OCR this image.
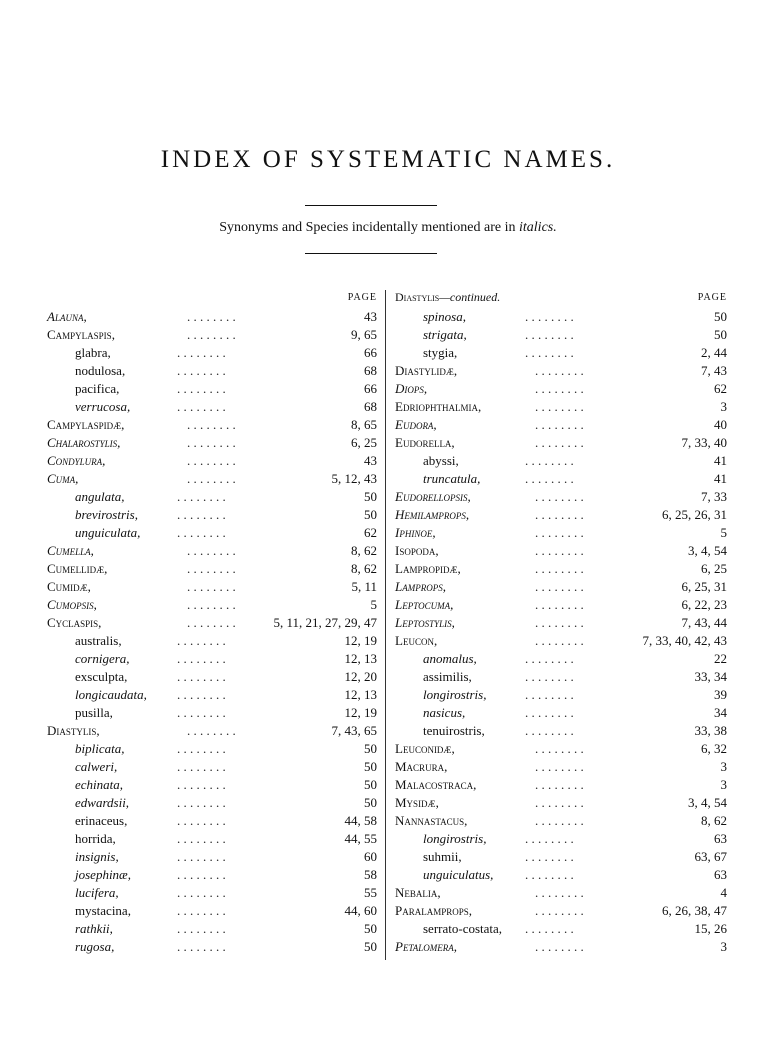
INDEX OF SYSTEMATIC NAMES.
Synonyms and Species incidentally mentioned are in italics.
PAGE
Alauna,	. . . . . . . .	43
Campylaspis,	. . . . . . . .	9, 65
glabra,	. . . . . . . .	66
nodulosa,	. . . . . . . .	68
pacifica,	. . . . . . . .	66
verrucosa,	. . . . . . . .	68
Campylaspidæ,	. . . . . . . .	8, 65
Chalarostylis,	. . . . . . . .	6, 25
Condylura,	. . . . . . . .	43
Cuma,	. . . . . . . .	5, 12, 43
angulata,	. . . . . . . .	50
brevirostris,	. . . . . . . .	50
unguiculata,	. . . . . . . .	62
Cumella,	. . . . . . . .	8, 62
Cumellidæ,	. . . . . . . .	8, 62
Cumidæ,	. . . . . . . .	5, 11
Cumopsis,	. . . . . . . .	5
Cyclaspis,	. . . . . . . .	5, 11, 21, 27, 29, 47
australis,	. . . . . . . .	12, 19
cornigera,	. . . . . . . .	12, 13
exsculpta,	. . . . . . . .	12, 20
longicaudata, . . . . . . . .	12, 13
pusilla,	. . . . . . . .	12, 19
Diastylis,	. . . . . . . .	7, 43, 65
biplicata,	. . . . . . . .	50
calweri,	. . . . . . . .	50
echinata,	. . . . . . . .	50
edwardsii,	. . . . . . . .	50
erinaceus,	. . . . . . . .	44, 58
horrida,	. . . . . . . .	44, 55
insignis,	. . . . . . . .	60
josephinæ,	. . . . . . . .	58
lucifera,	. . . . . . . .	55
mystacina,	. . . . . . . .	44, 60
rathkii,	. . . . . . . .	50
rugosa,	. . . . . . . .	50
Diastylis—continued.	PAGE
spinosa,	. . . . . . . .	50
strigata,	. . . . . . . .	50
stygia,	. . . . . . . .	2, 44
Diastylidæ,	. . . . . . . .	7, 43
Diops,	. . . . . . . .	62
Edriophthalmia,	. . . . . . . .	3
Eudora,	. . . . . . . .	40
Eudorella,	. . . . . . . .	7, 33, 40
abyssi,	. . . . . . . .	41
truncatula,	. . . . . . . .	41
Eudorellopsis,	. . . . . . . .	7, 33
Hemilamprops,	. . . . . . . .	6, 25, 26, 31
Iphinoe,	. . . . . . . .	5
Isopoda,	. . . . . . . .	3, 4, 54
Lampropidæ,	. . . . . . . .	6, 25
Lamprops,	. . . . . . . .	6, 25, 31
Leptocuma,	. . . . . . . .	6, 22, 23
Leptostylis,	. . . . . . . .	7, 43, 44
Leucon,	. . . . . . . .	7, 33, 40, 42, 43
anomalus,	. . . . . . . .	22
assimilis,	. . . . . . . .	33, 34
longirostris,	. . . . . . . .	39
nasicus,	. . . . . . . .	34
tenuirostris,	. . . . . . . .	33, 38
Leuconidæ,	. . . . . . . .	6, 32
Macrura,	. . . . . . . .	3
Malacostraca,	. . . . . . . .	3
Mysidæ,	. . . . . . . .	3, 4, 54
Nannastacus,	. . . . . . . .	8, 62
longirostris,	. . . . . . . .	63
suhmii,	. . . . . . . .	63, 67
unguiculatus, . . . . . . . .	63
Nebalia,	. . . . . . . .	4
Paralamprops,	. . . . . . . .	6, 26, 38, 47
serrato-costata, . . . . . . . .	15, 26
Petalomera,	. . . . . . . .	3
